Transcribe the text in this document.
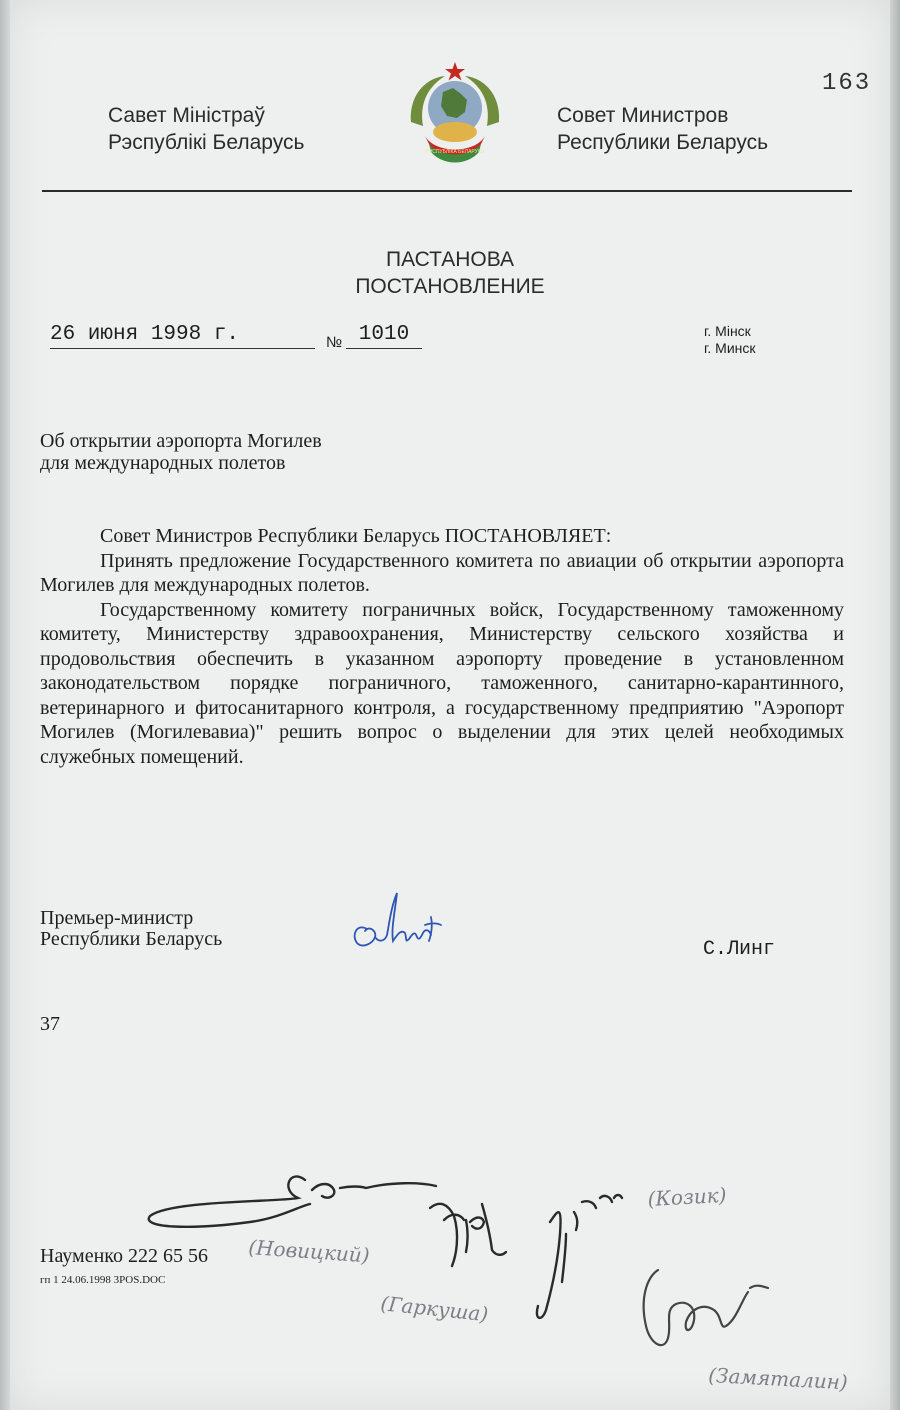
163
Савет Міністраў
Рэспублікі Беларусь	РЭСПУБЛІКА БЕЛАРУСЬ
Совет Министров
Республики Беларусь
ПАСТАНОВА
ПОСТАНОВЛЕНИЕ
26 июня 1998 г.	№ 1010	г. Мінск
г. Минск
Об открытии аэропорта Могилев
для международных полетов

Совет Министров Республики Беларусь ПОСТАНОВЛЯЕТ:

Принять предложение Государственного комитета по авиации об открытии аэропорта Могилев для международных полетов.

Государственному комитету пограничных войск, Государственному таможенному комитету, Министерству здравоохранения, Министерству сельского хозяйства и продовольствия обеспечить в указанном аэропорту проведение в установленном законодательством порядке пограничного, таможенного, санитарно-карантинного, ветеринарного и фитосанитарного контроля, а государственному предприятию "Аэропорт Могилев (Могилевавиа)" решить вопрос о выделении для этих целей необходимых служебных помещений.

Премьер-министр
Республики Беларусь	С.Линг
37
(Новицкий)
(Гаркуша)
(Козик)
(Замяталин)
Науменко 222 65 56
гп 1 24.06.1998 3POS.DOC
